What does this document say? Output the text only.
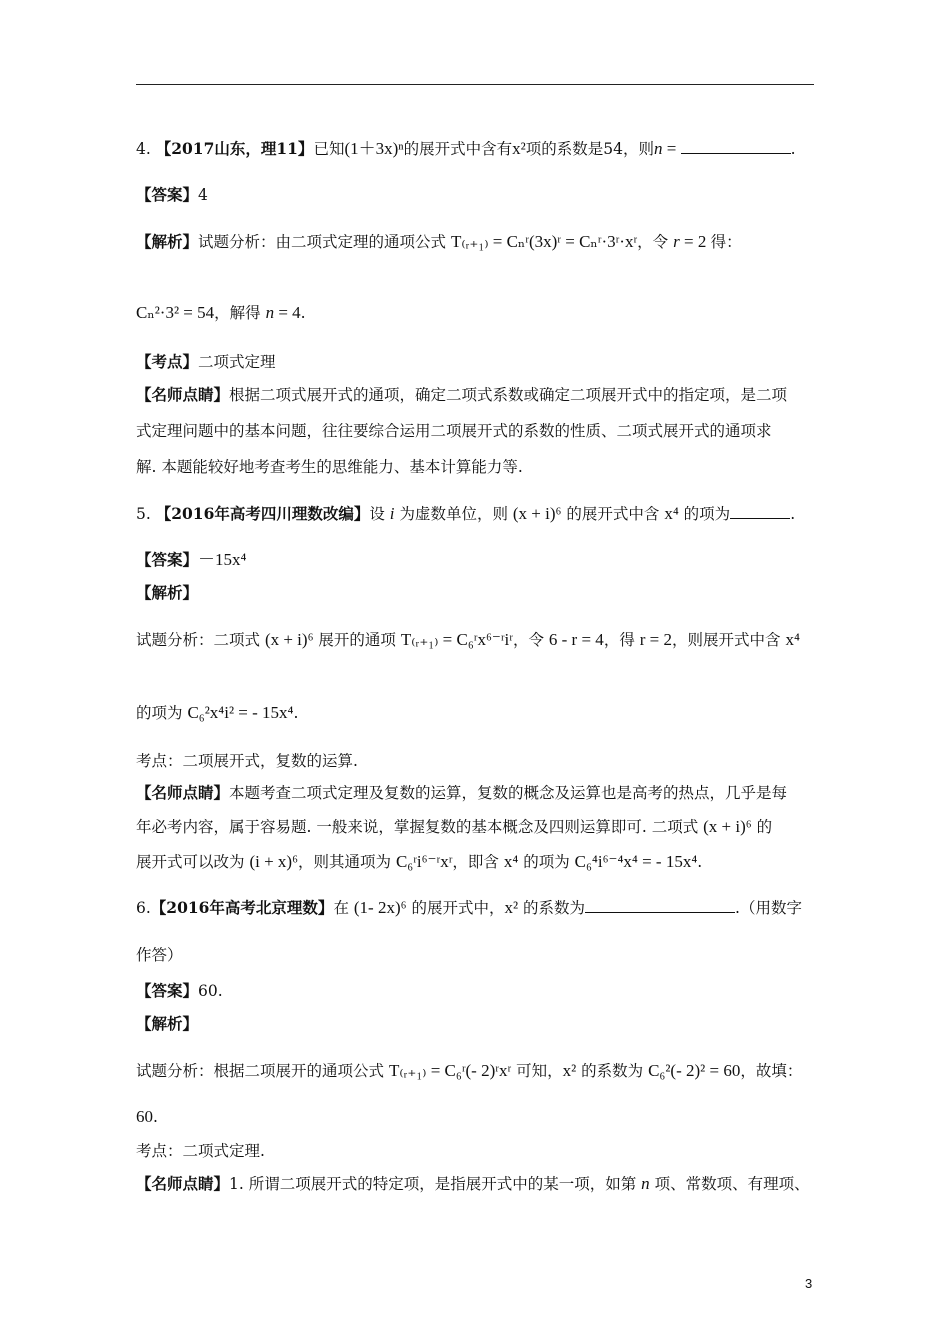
4. 【2017山东，理11】已知(1＋3x)ⁿ的展开式中含有x²项的系数是54，则n =	.
【答案】4
【解析】试题分析：由二项式定理的通项公式 T₍ᵣ₊₁₎ = Cₙʳ(3x)ʳ = Cₙʳ·3ʳ·xʳ，令 r = 2 得：
Cₙ²·3² = 54，解得 n = 4.
【考点】二项式定理
【名师点睛】根据二项式展开式的通项，确定二项式系数或确定二项展开式中的指定项，是二项
式定理问题中的基本问题，往往要综合运用二项展开式的系数的性质、二项式展开式的通项求
解. 本题能较好地考查考生的思维能力、基本计算能力等.
5. 【2016年高考四川理数改编】设 i 为虚数单位，则 (x + i)⁶ 的展开式中含 x⁴ 的项为	.
【答案】－15x⁴
【解析】
试题分析：二项式 (x + i)⁶ 展开的通项 T₍ᵣ₊₁₎ = C₆ʳx⁶⁻ʳiʳ，令 6 - r = 4，得 r = 2，则展开式中含 x⁴
的项为 C₆²x⁴i² = - 15x⁴.
考点：二项展开式，复数的运算.
【名师点睛】本题考查二项式定理及复数的运算，复数的概念及运算也是高考的热点，几乎是每
年必考内容，属于容易题. 一般来说，掌握复数的基本概念及四则运算即可. 二项式 (x + i)⁶ 的
展开式可以改为 (i + x)⁶，则其通项为 C₆ʳi⁶⁻ʳxʳ，即含 x⁴ 的项为 C₆⁴i⁶⁻⁴x⁴ = - 15x⁴.
6.【2016年高考北京理数】在 (1- 2x)⁶ 的展开式中，x² 的系数为	.（用数字
作答）
【答案】60.
【解析】
试题分析：根据二项展开的通项公式 T₍ᵣ₊₁₎ = C₆ʳ(- 2)ʳxʳ 可知，x² 的系数为 C₆²(- 2)² = 60，故填：
60.
考点：二项式定理.
【名师点睛】1. 所谓二项展开式的特定项，是指展开式中的某一项，如第 n 项、常数项、有理项、
3
